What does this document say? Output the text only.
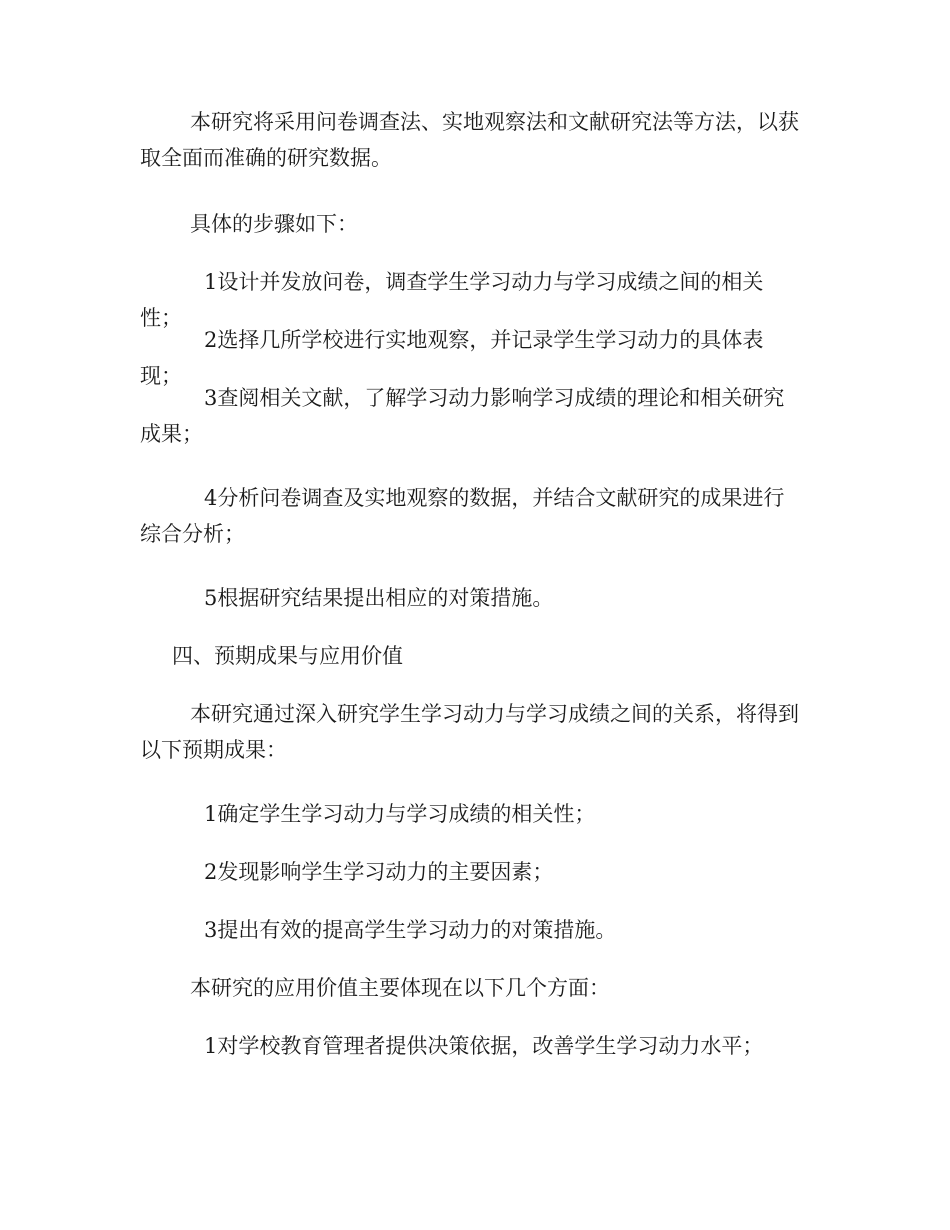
本研究将采用问卷调查法、实地观察法和文献研究法等方法，以获取全面而准确的研究数据。

具体的步骤如下：

1设计并发放问卷，调查学生学习动力与学习成绩之间的相关性；

2选择几所学校进行实地观察，并记录学生学习动力的具体表现；

3查阅相关文献，了解学习动力影响学习成绩的理论和相关研究成果；

4分析问卷调查及实地观察的数据，并结合文献研究的成果进行综合分析；

5根据研究结果提出相应的对策措施。

四、预期成果与应用价值

本研究通过深入研究学生学习动力与学习成绩之间的关系，将得到以下预期成果：

1确定学生学习动力与学习成绩的相关性；

2发现影响学生学习动力的主要因素；

3提出有效的提高学生学习动力的对策措施。

本研究的应用价值主要体现在以下几个方面：

1对学校教育管理者提供决策依据，改善学生学习动力水平；
